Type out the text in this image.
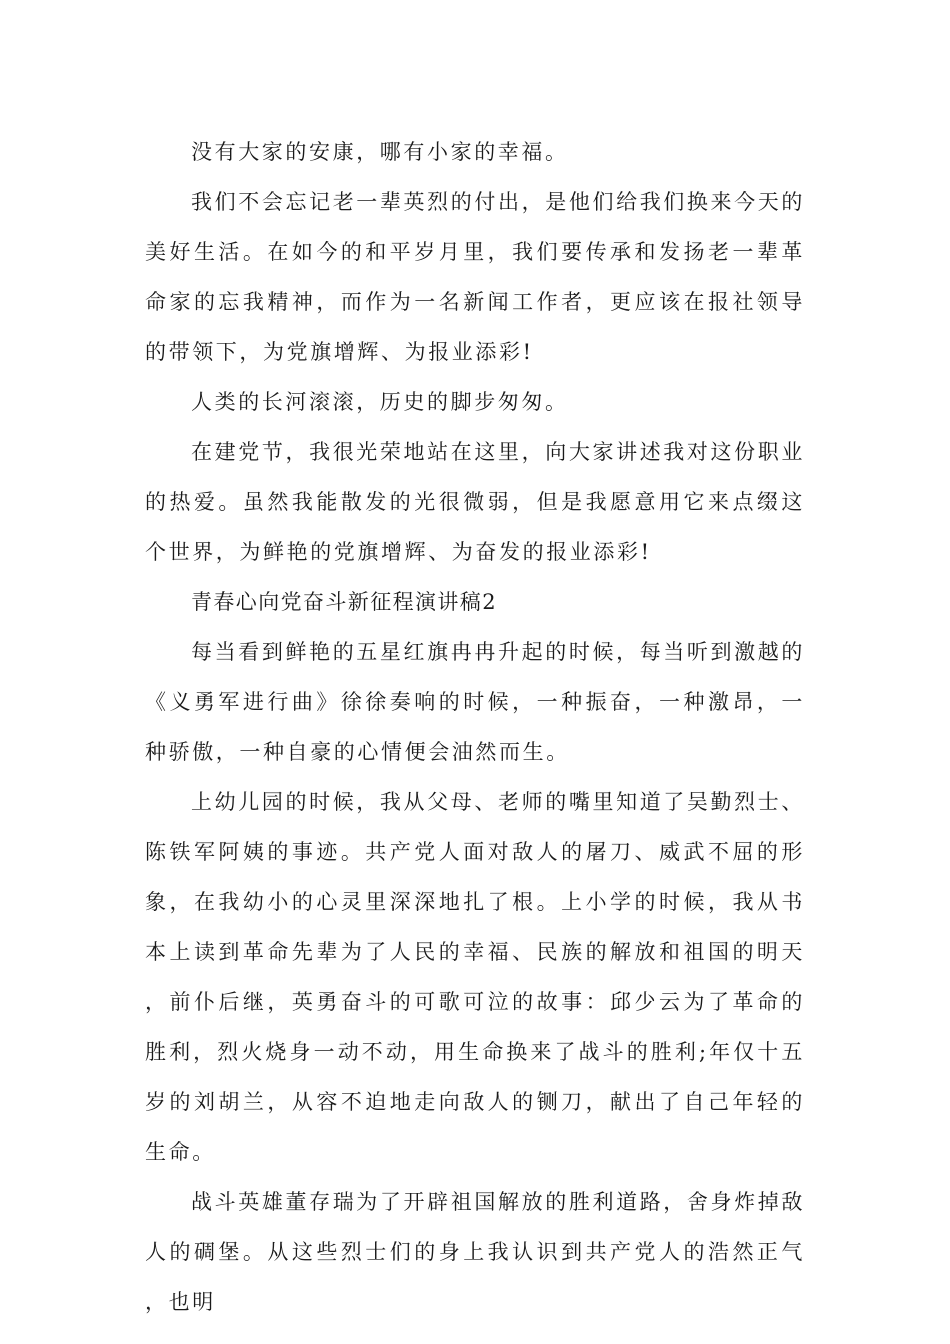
没有大家的安康，哪有小家的幸福。

我们不会忘记老一辈英烈的付出，是他们给我们换来今天的美好生活。在如今的和平岁月里，我们要传承和发扬老一辈革命家的忘我精神，而作为一名新闻工作者，更应该在报社领导的带领下，为党旗增辉、为报业添彩!

人类的长河滚滚，历史的脚步匆匆。

在建党节，我很光荣地站在这里，向大家讲述我对这份职业的热爱。虽然我能散发的光很微弱，但是我愿意用它来点缀这个世界，为鲜艳的党旗增辉、为奋发的报业添彩!

青春心向党奋斗新征程演讲稿2

每当看到鲜艳的五星红旗冉冉升起的时候，每当听到激越的《义勇军进行曲》徐徐奏响的时候，一种振奋，一种激昂，一种骄傲，一种自豪的心情便会油然而生。

上幼儿园的时候，我从父母、老师的嘴里知道了吴勤烈士、陈铁军阿姨的事迹。共产党人面对敌人的屠刀、威武不屈的形象，在我幼小的心灵里深深地扎了根。上小学的时候，我从书本上读到革命先辈为了人民的幸福、民族的解放和祖国的明天，前仆后继，英勇奋斗的可歌可泣的故事：邱少云为了革命的胜利，烈火烧身一动不动，用生命换来了战斗的胜利;年仅十五岁的刘胡兰，从容不迫地走向敌人的铡刀，献出了自己年轻的生命。

战斗英雄董存瑞为了开辟祖国解放的胜利道路，舍身炸掉敌人的碉堡。从这些烈士们的身上我认识到共产党人的浩然正气，也明
